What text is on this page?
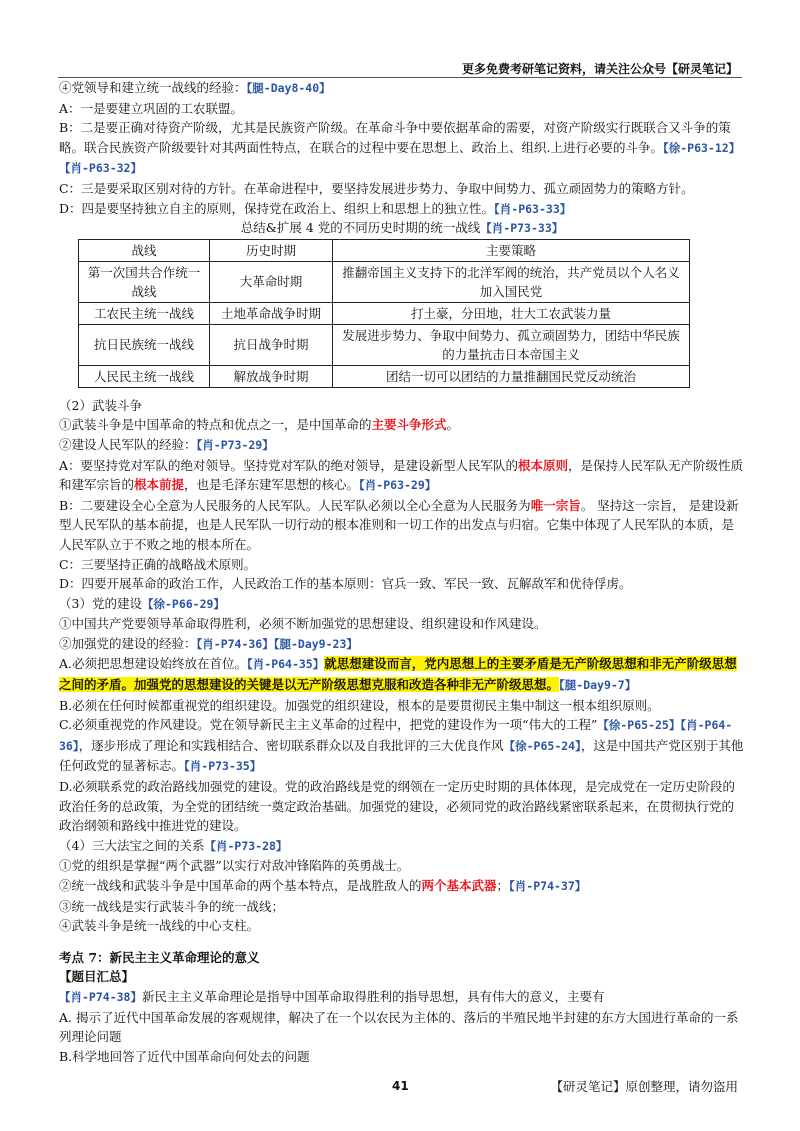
更多免费考研笔记资料，请关注公众号【研灵笔记】

④党领导和建立统一战线的经验：【腿-Day8-40】

A：一是要建立巩固的工农联盟。

B：二是要正确对待资产阶级，尤其是民族资产阶级。在革命斗争中要依据革命的需要，对资产阶级实行既联合又斗争的策略。联合民族资产阶级要针对其两面性特点，在联合的过程中要在思想上、政治上、组织.上进行必要的斗争。【徐-P63-12】【肖-P63-32】

C：三是要采取区别对待的方针。在革命进程中，要坚持发展进步势力、争取中间势力、孤立顽固势力的策略方针。

D：四是要坚持独立自主的原则，保持党在政治上、组织上和思想上的独立性。【肖-P63-33】

总结&扩展 4 党的不同历史时期的统一战线【肖-P73-33】

战线	历史时期	主要策略
第一次国共合作统一战线	大革命时期	推翻帝国主义支持下的北洋军阀的统治，共产党员以个人名义加入国民党
工农民主统一战线	土地革命战争时期	打土豪，分田地，壮大工农武装力量
抗日民族统一战线	抗日战争时期	发展进步势力、争取中间势力、孤立顽固势力，团结中华民族的力量抗击日本帝国主义
人民民主统一战线	解放战争时期	团结一切可以团结的力量推翻国民党反动统治

（2）武装斗争

①武装斗争是中国革命的特点和优点之一，是中国革命的主要斗争形式。

②建设人民军队的经验：【肖-P73-29】

A：要坚持党对军队的绝对领导。坚持党对军队的绝对领导，是建设新型人民军队的根本原则，是保持人民军队无产阶级性质和建军宗旨的根本前提，也是毛泽东建军思想的核心。【肖-P63-29】

B：二要建设全心全意为人民服务的人民军队。人民军队必须以全心全意为人民服务为唯一宗旨。 坚持这一宗旨， 是建设新型人民军队的基本前提，也是人民军队一切行动的根本准则和一切工作的出发点与归宿。它集中体现了人民军队的本质，是人民军队立于不败之地的根本所在。

C：三要坚持正确的战略战术原则。

D：四要开展革命的政治工作，人民政治工作的基本原则：官兵一致、军民一致、瓦解敌军和优待俘虏。

（3）党的建设【徐-P66-29】

①中国共产党要领导革命取得胜利，必须不断加强党的思想建设、组织建设和作风建设。

②加强党的建设的经验：【肖-P74-36】【腿-Day9-23】

A.必须把思想建设始终放在首位。【肖-P64-35】就思想建设而言，党内思想上的主要矛盾是无产阶级思想和非无产阶级思想之间的矛盾。加强党的思想建设的关键是以无产阶级思想克服和改造各种非无产阶级思想。【腿-Day9-7】

B.必须在任何时候都重视党的组织建设。加强党的组织建设，根本的是要贯彻民主集中制这一根本组织原则。

C.必须重视党的作风建设。党在领导新民主主义革命的过程中，把党的建设作为一项“伟大的工程”【徐-P65-25】【肖-P64-36】，逐步形成了理论和实践相结合、密切联系群众以及自我批评的三大优良作风【徐-P65-24】，这是中国共产党区别于其他任何政党的显著标志。【肖-P73-35】

D.必须联系党的政治路线加强党的建设。党的政治路线是党的纲领在一定历史时期的具体体现，是完成党在一定历史阶段的政治任务的总政策，为全党的团结统一奠定政治基础。加强党的建设，必须同党的政治路线紧密联系起来，在贯彻执行党的政治纲领和路线中推进党的建设。

（4）三大法宝之间的关系【肖-P73-28】

①党的组织是掌握“两个武器”以实行对敌冲锋陷阵的英勇战士。

②统一战线和武装斗争是中国革命的两个基本特点，是战胜敌人的两个基本武器；【肖-P74-37】

③统一战线是实行武装斗争的统一战线；

④武装斗争是统一战线的中心支柱。

考点 7：新民主主义革命理论的意义

【题目汇总】

【肖-P74-38】新民主主义革命理论是指导中国革命取得胜利的指导思想，具有伟大的意义，主要有

A. 揭示了近代中国革命发展的客观规律，解决了在一个以农民为主体的、落后的半殖民地半封建的东方大国进行革命的一系列理论问题

B.科学地回答了近代中国革命向何处去的问题

41	【研灵笔记】原创整理，请勿盗用
